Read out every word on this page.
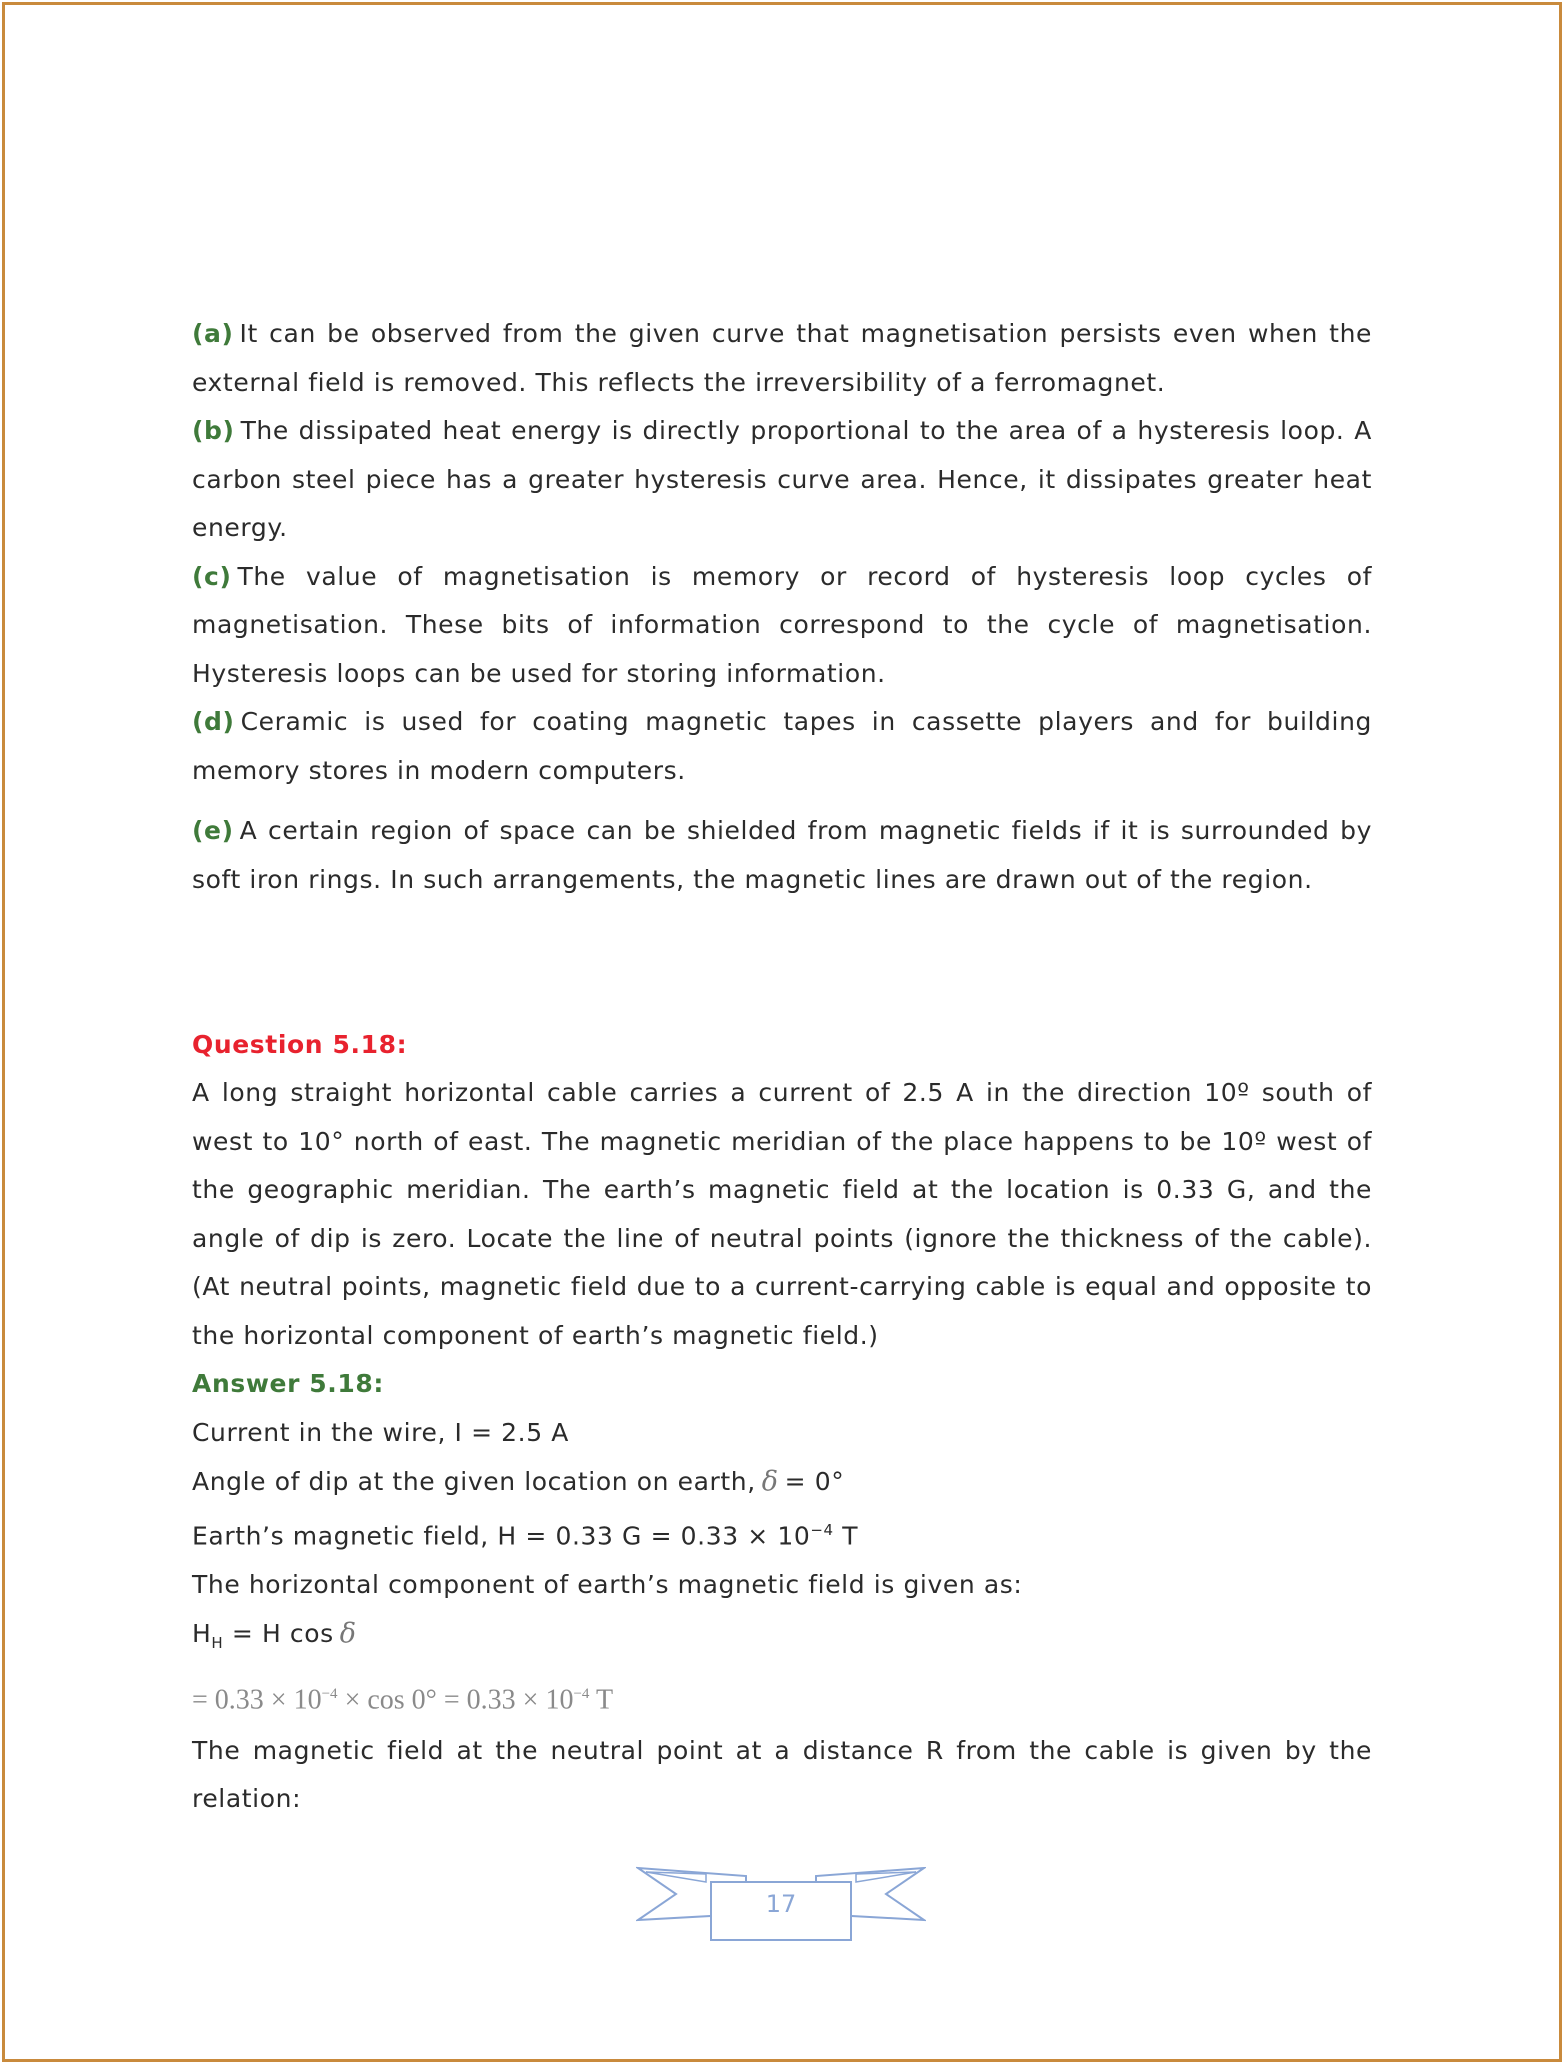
(a) It can be observed from the given curve that magnetisation persists even when the external field is removed. This reflects the irreversibility of a ferromagnet.

(b) The dissipated heat energy is directly proportional to the area of a hysteresis loop. A carbon steel piece has a greater hysteresis curve area. Hence, it dissipates greater heat energy.

(c) The value of magnetisation is memory or record of hysteresis loop cycles of magnetisation. These bits of information correspond to the cycle of magnetisation. Hysteresis loops can be used for storing information.

(d) Ceramic is used for coating magnetic tapes in cassette players and for building memory stores in modern computers.

(e) A certain region of space can be shielded from magnetic fields if it is surrounded by soft iron rings. In such arrangements, the magnetic lines are drawn out of the region.

Question 5.18:

A long straight horizontal cable carries a current of 2.5 A in the direction 10º south of west to 10° north of east. The magnetic meridian of the place happens to be 10º west of the geographic meridian. The earth’s magnetic field at the location is 0.33 G, and the angle of dip is zero. Locate the line of neutral points (ignore the thickness of the cable). (At neutral points, magnetic field due to a current-carrying cable is equal and opposite to the horizontal component of earth’s magnetic field.)

Answer 5.18:

Current in the wire, I = 2.5 A

Angle of dip at the given location on earth, δ = 0°

Earth’s magnetic field, H = 0.33 $G = 0.33 \times 10^{-4}$ T

The horizontal component of earth’s magnetic field is given as:

$H_H = H$ cos δ

= $0.33 \times 10^{-4} \times \cos 0^\circ = 0.33 \times 10^{-4}$ T

The magnetic field at the neutral point at a distance R from the cable is given by the relation:

17
